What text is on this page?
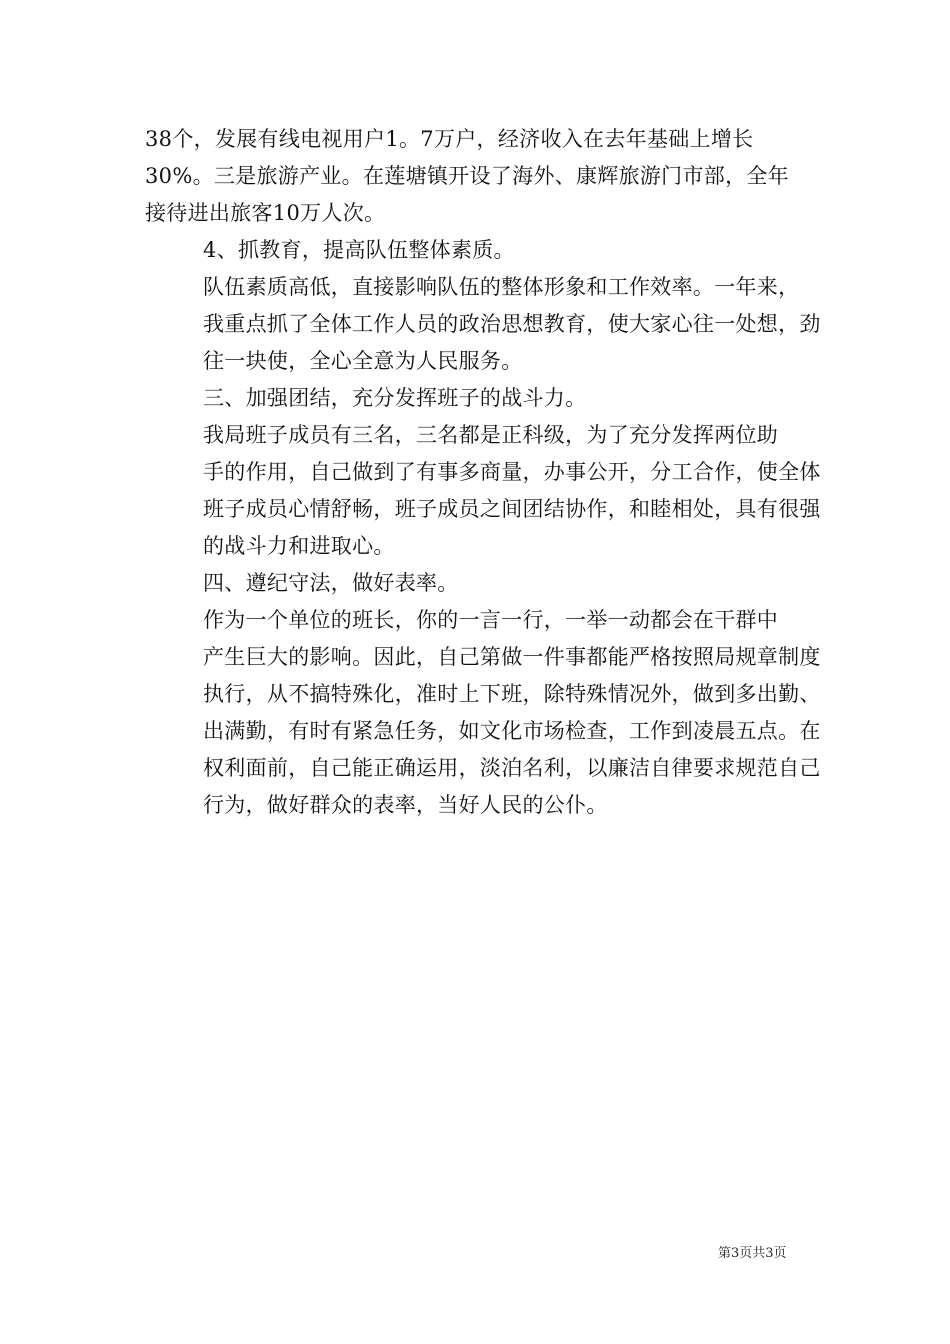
38个，发展有线电视用户1。7万户，经济收入在去年基础上增长
30%。三是旅游产业。在莲塘镇开设了海外、康辉旅游门市部，全年
接待进出旅客10万人次。

4、抓教育，提高队伍整体素质。

队伍素质高低，直接影响队伍的整体形象和工作效率。一年来，
我重点抓了全体工作人员的政治思想教育，使大家心往一处想，劲
往一块使，全心全意为人民服务。

三、加强团结，充分发挥班子的战斗力。

我局班子成员有三名，三名都是正科级，为了充分发挥两位助
手的作用，自己做到了有事多商量，办事公开，分工合作，使全体
班子成员心情舒畅，班子成员之间团结协作，和睦相处，具有很强
的战斗力和进取心。

四、遵纪守法，做好表率。

作为一个单位的班长，你的一言一行，一举一动都会在干群中
产生巨大的影响。因此，自己第做一件事都能严格按照局规章制度
执行，从不搞特殊化，准时上下班，除特殊情况外，做到多出勤、
出满勤，有时有紧急任务，如文化市场检查，工作到凌晨五点。在
权利面前，自己能正确运用，淡泊名利，以廉洁自律要求规范自己
行为，做好群众的表率，当好人民的公仆。

第3页共3页
